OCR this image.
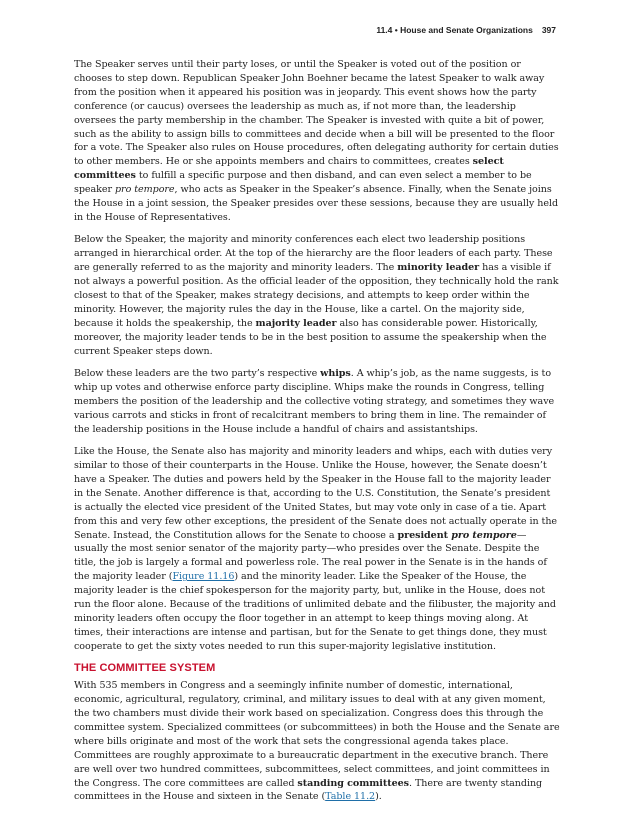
11.4 • House and Senate Organizations 397

The Speaker serves until their party loses, or until the Speaker is voted out of the position or chooses to step down. Republican Speaker John Boehner became the latest Speaker to walk away from the position when it appeared his position was in jeopardy. This event shows how the party conference (or caucus) oversees the leadership as much as, if not more than, the leadership oversees the party membership in the chamber. The Speaker is invested with quite a bit of power, such as the ability to assign bills to committees and decide when a bill will be presented to the floor for a vote. The Speaker also rules on House procedures, often delegating authority for certain duties to other members. He or she appoints members and chairs to committees, creates select committees to fulfill a specific purpose and then disband, and can even select a member to be speaker pro tempore, who acts as Speaker in the Speaker’s absence. Finally, when the Senate joins the House in a joint session, the Speaker presides over these sessions, because they are usually held in the House of Representatives.

Below the Speaker, the majority and minority conferences each elect two leadership positions arranged in hierarchical order. At the top of the hierarchy are the floor leaders of each party. These are generally referred to as the majority and minority leaders. The minority leader has a visible if not always a powerful position. As the official leader of the opposition, they technically hold the rank closest to that of the Speaker, makes strategy decisions, and attempts to keep order within the minority. However, the majority rules the day in the House, like a cartel. On the majority side, because it holds the speakership, the majority leader also has considerable power. Historically, moreover, the majority leader tends to be in the best position to assume the speakership when the current Speaker steps down.

Below these leaders are the two party’s respective whips. A whip’s job, as the name suggests, is to whip up votes and otherwise enforce party discipline. Whips make the rounds in Congress, telling members the position of the leadership and the collective voting strategy, and sometimes they wave various carrots and sticks in front of recalcitrant members to bring them in line. The remainder of the leadership positions in the House include a handful of chairs and assistantships.

Like the House, the Senate also has majority and minority leaders and whips, each with duties very similar to those of their counterparts in the House. Unlike the House, however, the Senate doesn’t have a Speaker. The duties and powers held by the Speaker in the House fall to the majority leader in the Senate. Another difference is that, according to the U.S. Constitution, the Senate’s president is actually the elected vice president of the United States, but may vote only in case of a tie. Apart from this and very few other exceptions, the president of the Senate does not actually operate in the Senate. Instead, the Constitution allows for the Senate to choose a president pro tempore—usually the most senior senator of the majority party—who presides over the Senate. Despite the title, the job is largely a formal and powerless role. The real power in the Senate is in the hands of the majority leader (Figure 11.16) and the minority leader. Like the Speaker of the House, the majority leader is the chief spokesperson for the majority party, but, unlike in the House, does not run the floor alone. Because of the traditions of unlimited debate and the filibuster, the majority and minority leaders often occupy the floor together in an attempt to keep things moving along. At times, their interactions are intense and partisan, but for the Senate to get things done, they must cooperate to get the sixty votes needed to run this super-majority legislative institution.

THE COMMITTEE SYSTEM

With 535 members in Congress and a seemingly infinite number of domestic, international, economic, agricultural, regulatory, criminal, and military issues to deal with at any given moment, the two chambers must divide their work based on specialization. Congress does this through the committee system. Specialized committees (or subcommittees) in both the House and the Senate are where bills originate and most of the work that sets the congressional agenda takes place. Committees are roughly approximate to a bureaucratic department in the executive branch. There are well over two hundred committees, subcommittees, select committees, and joint committees in the Congress. The core committees are called standing committees. There are twenty standing committees in the House and sixteen in the Senate (Table 11.2).
